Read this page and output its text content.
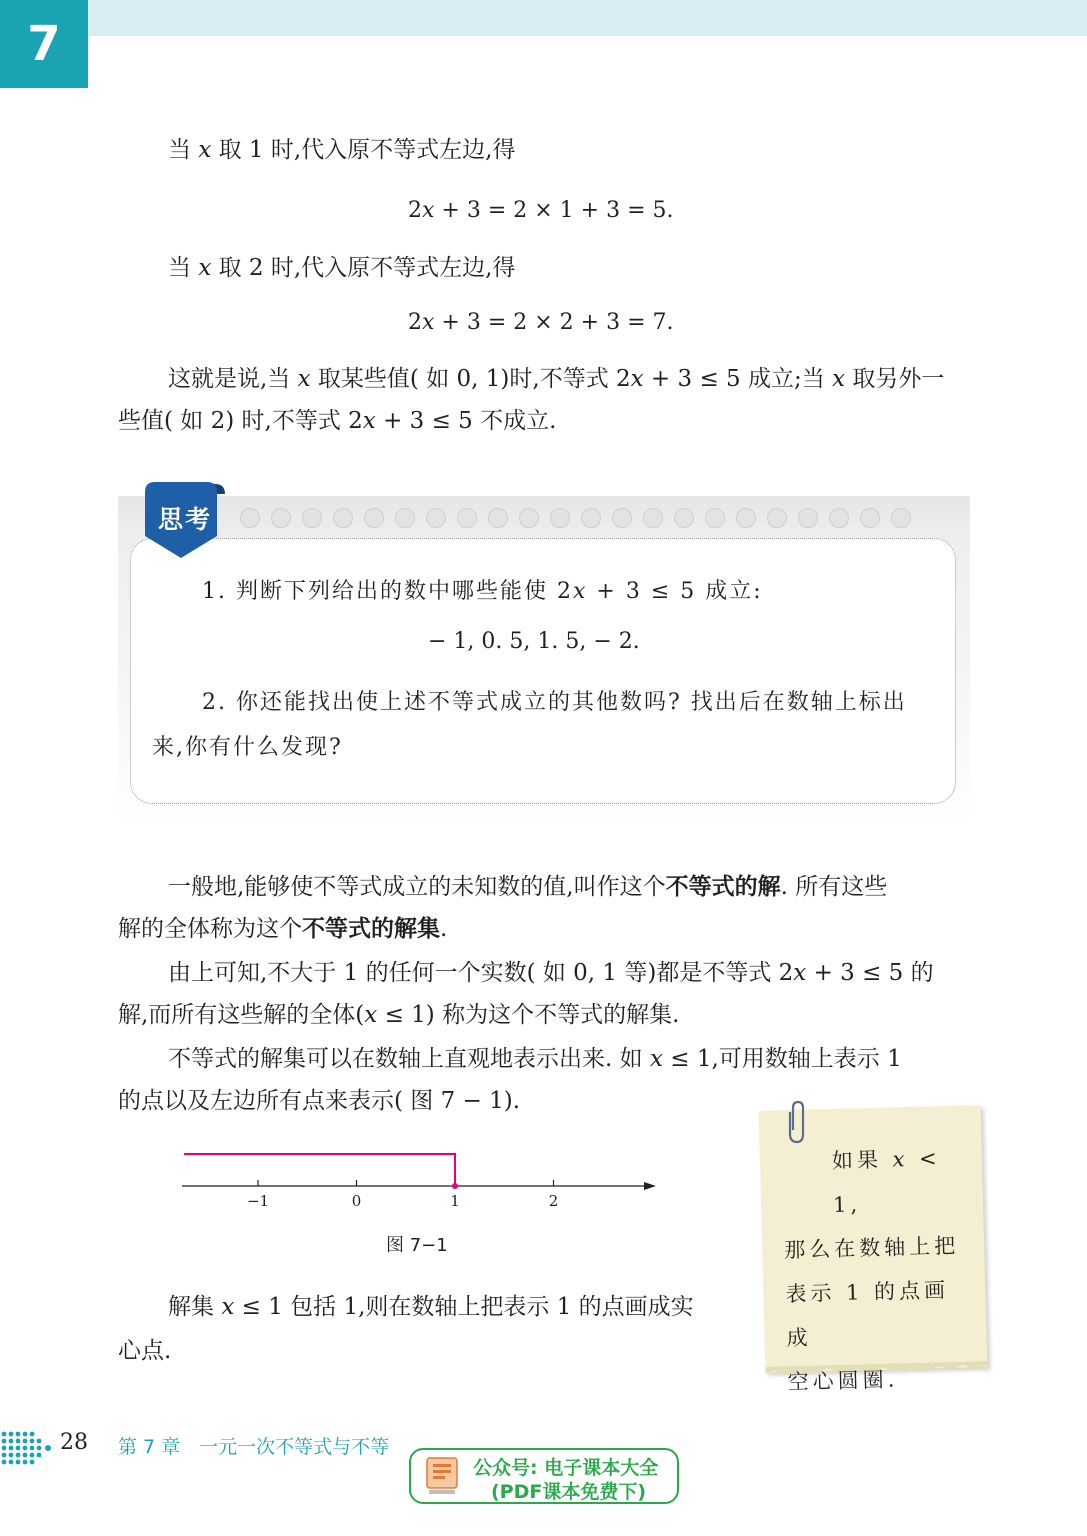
7
当 x 取 1 时,代入原不等式左边,得
2x + 3 = 2 × 1 + 3 = 5.
当 x 取 2 时,代入原不等式左边,得
2x + 3 = 2 × 2 + 3 = 7.
这就是说,当 x 取某些值( 如 0, 1)时,不等式 2x + 3 ≤ 5 成立;当 x 取另外一
些值( 如 2) 时,不等式 2x + 3 ≤ 5 不成立.
思考
1. 判断下列给出的数中哪些能使 2x + 3 ≤ 5 成立:
− 1, 0. 5, 1. 5, − 2.
2. 你还能找出使上述不等式成立的其他数吗? 找出后在数轴上标出
来,你有什么发现?
一般地,能够使不等式成立的未知数的值,叫作这个不等式的解. 所有这些
解的全体称为这个不等式的解集.
由上可知,不大于 1 的任何一个实数( 如 0, 1 等)都是不等式 2x + 3 ≤ 5 的
解,而所有这些解的全体(x ≤ 1) 称为这个不等式的解集.
不等式的解集可以在数轴上直观地表示出来. 如 x ≤ 1,可用数轴上表示 1
的点以及左边所有点来表示( 图 7 − 1).
−1	0	1	2
图 7−1
解集 x ≤ 1 包括 1,则在数轴上把表示 1 的点画成实
心点.
如果 x < 1,
那么在数轴上把
表示 1 的点画成
空心圆圈.
28 第 7 章　一元一次不等式与不等
公众号: 电子课本大全
(PDF课本免费下)
